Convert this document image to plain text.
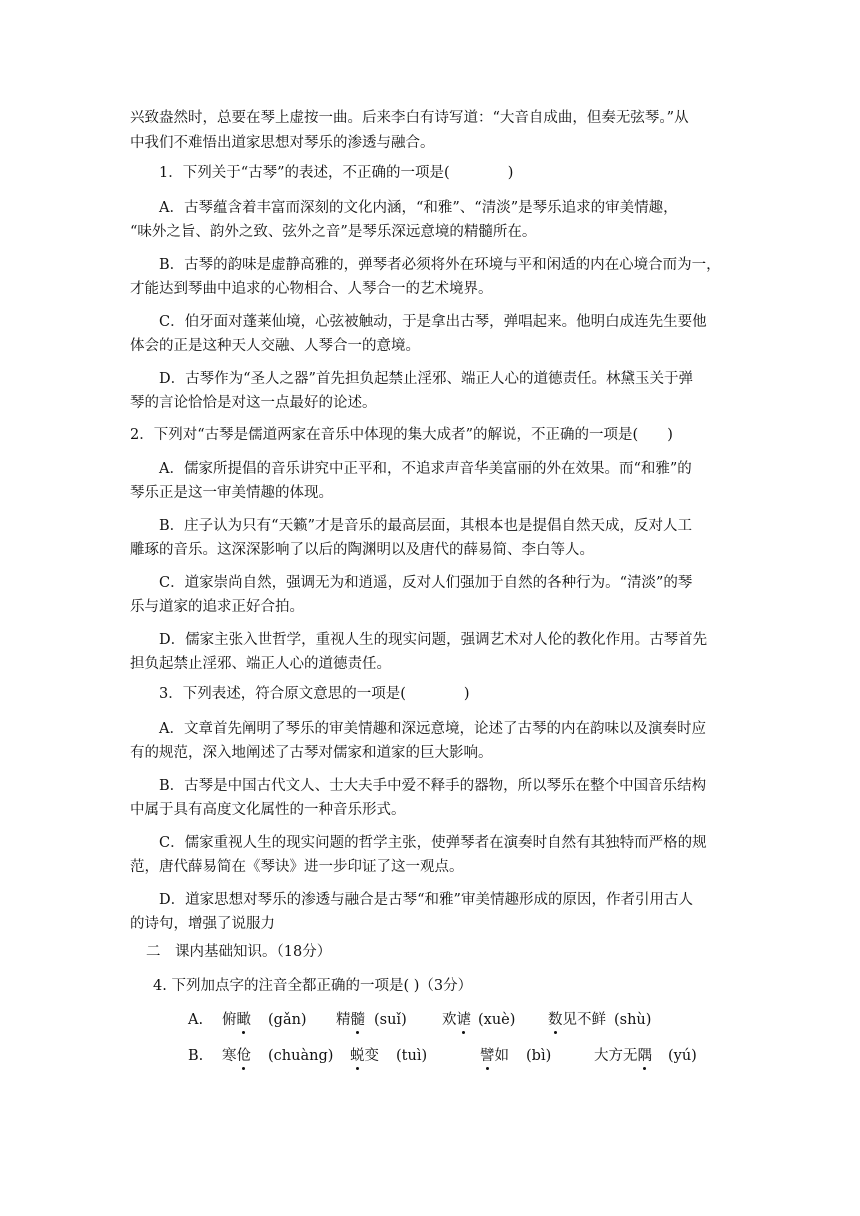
兴致盎然时，总要在琴上虚按一曲。后来李白有诗写道：“大音自成曲，但奏无弦琴。”从
中我们不难悟出道家思想对琴乐的渗透与融合。
1．下列关于“古琴”的表述，不正确的一项是(　　　　)
A．古琴蕴含着丰富而深刻的文化内涵，“和雅”、“清淡”是琴乐追求的审美情趣，
“味外之旨、韵外之致、弦外之音”是琴乐深远意境的精髓所在。
B．古琴的韵味是虚静高雅的，弹琴者必须将外在环境与平和闲适的内在心境合而为一，
才能达到琴曲中追求的心物相合、人琴合一的艺术境界。
C．伯牙面对蓬莱仙境，心弦被触动，于是拿出古琴，弹唱起来。他明白成连先生要他
体会的正是这种天人交融、人琴合一的意境。
D．古琴作为“圣人之器”首先担负起禁止淫邪、端正人心的道德责任。林黛玉关于弹
琴的言论恰恰是对这一点最好的论述。
2．下列对“古琴是儒道两家在音乐中体现的集大成者”的解说，不正确的一项是(　　)
A．儒家所提倡的音乐讲究中正平和，不追求声音华美富丽的外在效果。而“和雅”的
琴乐正是这一审美情趣的体现。
B．庄子认为只有“天籁”才是音乐的最高层面，其根本也是提倡自然天成，反对人工
雕琢的音乐。这深深影响了以后的陶渊明以及唐代的薛易简、李白等人。
C．道家崇尚自然，强调无为和逍遥，反对人们强加于自然的各种行为。“清淡”的琴
乐与道家的追求正好合拍。
D．儒家主张入世哲学，重视人生的现实问题，强调艺术对人伦的教化作用。古琴首先
担负起禁止淫邪、端正人心的道德责任。
3．下列表述，符合原文意思的一项是(　　　　)
A．文章首先阐明了琴乐的审美情趣和深远意境，论述了古琴的内在韵味以及演奏时应
有的规范，深入地阐述了古琴对儒家和道家的巨大影响。
B．古琴是中国古代文人、士大夫手中爱不释手的器物，所以琴乐在整个中国音乐结构
中属于具有高度文化属性的一种音乐形式。
C．儒家重视人生的现实问题的哲学主张，使弹琴者在演奏时自然有其独特而严格的规
范，唐代薛易简在《琴诀》进一步印证了这一观点。
D．道家思想对琴乐的渗透与融合是古琴“和雅”审美情趣形成的原因，作者引用古人
的诗句，增强了说服力
二　课内基础知识。（18分）
4. 下列加点字的注音全都正确的一项是( )（3分）
A. 俯瞰 (gǎn) 精髓 (suǐ) 欢谑 (xuè) 数见不鲜 (shù)
B. 寒伧 (chuàng) 蜕变 (tuì)	譬如 (bì)	大方无隅 (yú)
